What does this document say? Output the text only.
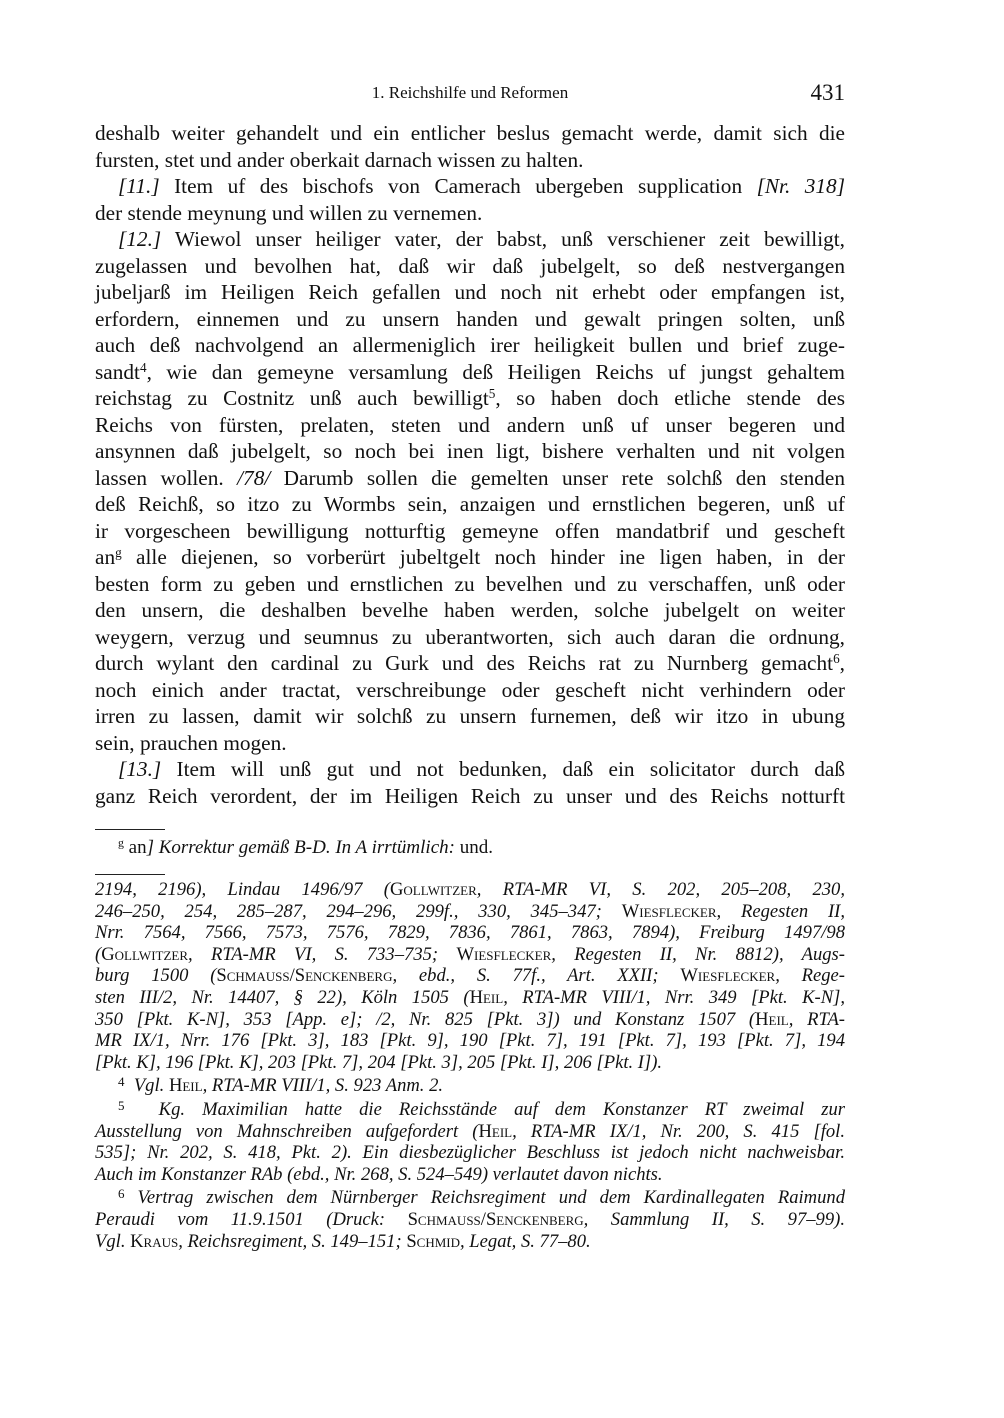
1. Reichshilfe und Reformen	431
deshalb weiter gehandelt und ein entlicher beslus gemacht werde, damit sich die
fursten, stet und ander oberkait darnach wissen zu halten.
[11.] Item uf des bischofs von Camerach ubergeben supplication [Nr. 318]
der stende meynung und willen zu vernemen.
[12.] Wiewol unser heiliger vater, der babst, unß verschiener zeit bewilligt,
zugelassen und bevolhen hat, daß wir daß jubelgelt, so deß nestvergangen
jubeljarß im Heiligen Reich gefallen und noch nit erhebt oder empfangen ist,
erfordern, einnemen und zu unsern handen und gewalt pringen solten, unß
auch deß nachvolgend an allermeniglich irer heiligkeit bullen und brief zuge-
sandt$^4$, wie dan gemeyne versamlung deß Heiligen Reichs uf jungst gehaltem
reichstag zu Costnitz unß auch bewilligt$^5$, so haben doch etliche stende des
Reichs von fürsten, prelaten, steten und andern unß uf unser begeren und
ansynnen daß jubelgelt, so noch bei inen ligt, bishere verhalten und nit volgen
lassen wollen. /78/ Darumb sollen die gemelten unser rete solchß den stenden
deß Reichß, so itzo zu Wormbs sein, anzaigen und ernstlichen begeren, unß uf
ir vorgescheen bewilligung notturftig gemeyne offen mandatbrif und gescheft
$an^g$ alle diejenen, so vorberürt jubeltgelt noch hinder ine ligen haben, in der
besten form zu geben und ernstlichen zu bevelhen und zu verschaffen, unß oder
den unsern, die deshalben bevelhe haben werden, solche jubelgelt on weiter
weygern, verzug und seumnus zu uberantworten, sich auch daran die ordnung,
durch wylant den cardinal zu Gurk und des Reichs rat zu Nurnberg gemacht$^6$,
noch einich ander tractat, verschreibunge oder gescheft nicht verhindern oder
irren zu lassen, damit wir solchß zu unsern furnemen, deß wir itzo in ubung
sein, prauchen mogen.
[13.] Item will unß gut und not bedunken, daß ein solicitator durch daß
ganz Reich verordent, der im Heiligen Reich zu unser und des Reichs notturft
$^g$ an] Korrektur gemäß B-D. In A irrtümlich: und.
2194, 2196), Lindau 1496/97 (Gollwitzer, RTA-MR VI, S. 202, 205–208, 230,
246–250, 254, 285–287, 294–296, 299f., 330, 345–347; Wiesflecker, Regesten II,
Nrr. 7564, 7566, 7573, 7576, 7829, 7836, 7861, 7863, 7894), Freiburg 1497/98
(Gollwitzer, RTA-MR VI, S. 733–735; Wiesflecker, Regesten II, Nr. 8812), Augs-
burg 1500 (Schmauss/Senckenberg, ebd., S. 77f., Art. XXII; Wiesflecker, Rege-
sten III/2, Nr. 14407, § 22), Köln 1505 (Heil, RTA-MR VIII/1, Nrr. 349 [Pkt. K-N],
350 [Pkt. K-N], 353 [App. e]; /2, Nr. 825 [Pkt. 3]) und Konstanz 1507 (Heil, RTA-
MR IX/1, Nrr. 176 [Pkt. 3], 183 [Pkt. 9], 190 [Pkt. 7], 191 [Pkt. 7], 193 [Pkt. 7], 194
[Pkt. K], 196 [Pkt. K], 203 [Pkt. 7], 204 [Pkt. 3], 205 [Pkt. I], 206 [Pkt. I]).
$^4$ Vgl. Heil, RTA-MR VIII/1, S. 923 Anm. 2.
$^5$  Kg. Maximilian hatte die Reichsstände auf dem Konstanzer RT zweimal zur
Ausstellung von Mahnschreiben aufgefordert (Heil, RTA-MR IX/1, Nr. 200, S. 415 [fol.
535]; Nr. 202, S. 418, Pkt. 2). Ein diesbezüglicher Beschluss ist jedoch nicht nachweisbar.
Auch im Konstanzer RAb (ebd., Nr. 268, S. 524–549) verlautet davon nichts.
$^6$ Vertrag zwischen dem Nürnberger Reichsregiment und dem Kardinallegaten Raimund
Peraudi vom 11.9.1501 (Druck: Schmauss/Senckenberg, Sammlung II, S. 97–99).
Vgl. Kraus, Reichsregiment, S. 149–151; Schmid, Legat, S. 77–80.
